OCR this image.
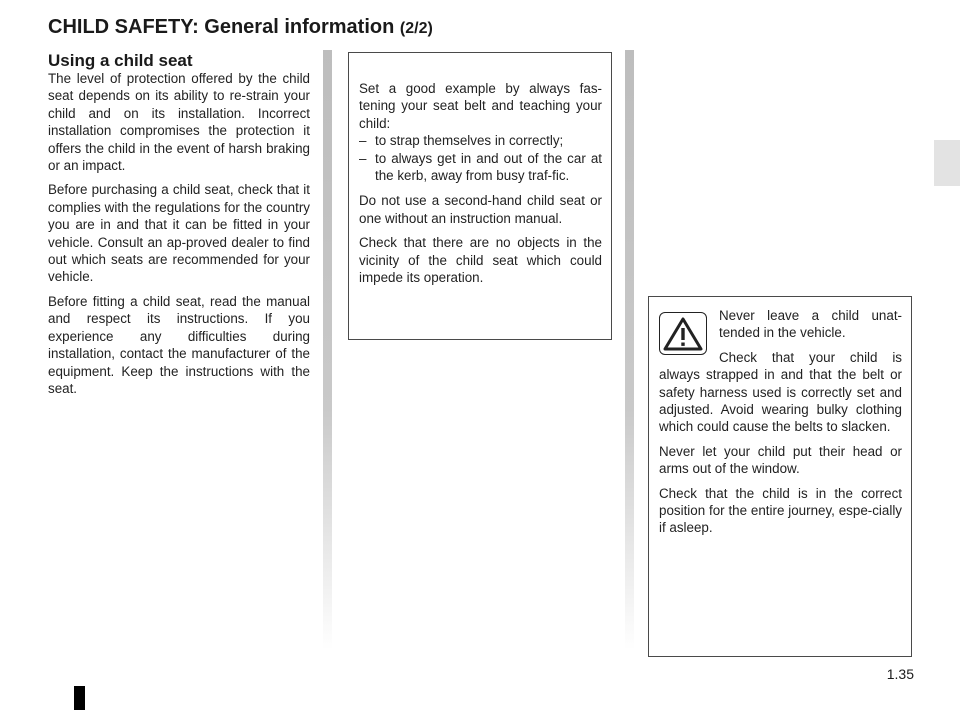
CHILD SAFETY: General information (2/2)
Using a child seat

The level of protection offered by the child seat depends on its ability to re-strain your child and on its installation. Incorrect installation compromises the protection it offers the child in the event of harsh braking or an impact.

Before purchasing a child seat, check that it complies with the regulations for the country you are in and that it can be fitted in your vehicle. Consult an ap-proved dealer to find out which seats are recommended for your vehicle.

Before fitting a child seat, read the manual and respect its instructions. If you experience any difficulties during installation, contact the manufacturer of the equipment. Keep the instructions with the seat.

Set a good example by always fas-tening your seat belt and teaching your child:

– to strap themselves in correctly;
– to always get in and out of the car at the kerb, away from busy traf-fic.

Do not use a second-hand child seat or one without an instruction manual.

Check that there are no objects in the vicinity of the child seat which could impede its operation.

Never leave a child unat-tended in the vehicle.

Check that your child is always strapped in and that the belt or safety harness used is correctly set and adjusted. Avoid wearing bulky clothing which could cause the belts to slacken.

Never let your child put their head or arms out of the window.

Check that the child is in the correct position for the entire journey, espe-cially if asleep.

1.35
